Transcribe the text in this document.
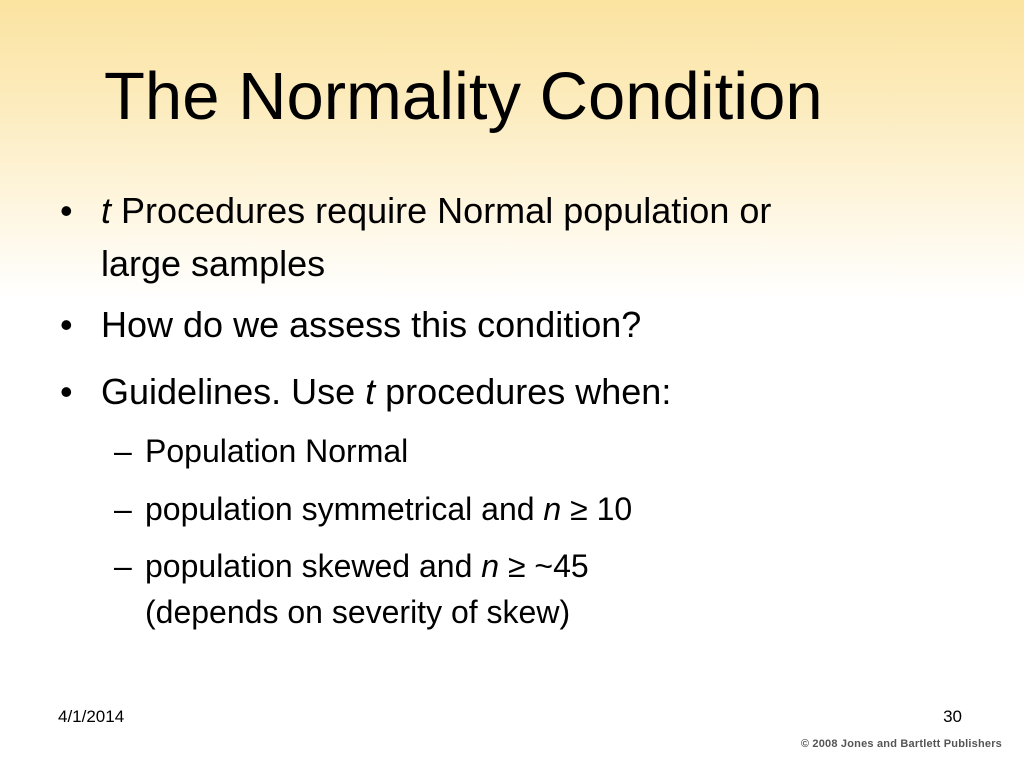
The Normality Condition
• t Procedures require Normal population or
large samples
• How do we assess this condition?
• Guidelines. Use t procedures when:
– Population Normal
– population symmetrical and n ≥ 10
– population skewed and n ≥ ~45
(depends on severity of skew)
4/1/2014	30
© 2008 Jones and Bartlett Publishers
